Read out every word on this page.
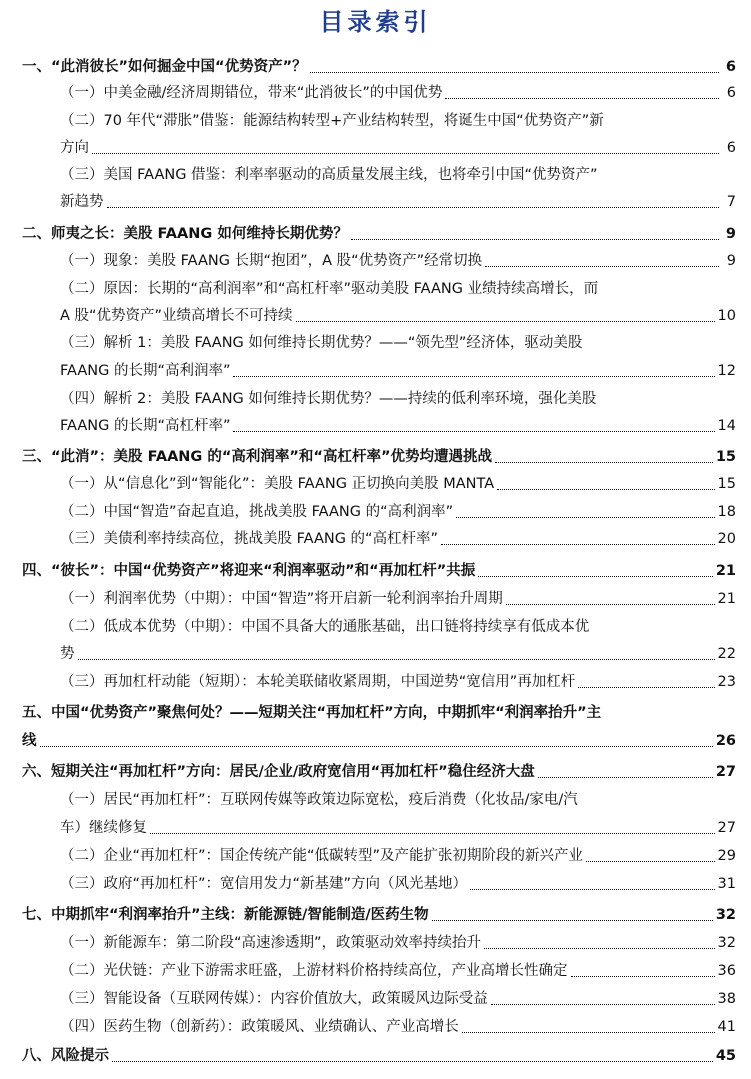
目录索引
一、“此消彼长”如何掘金中国“优势资产”？	6
（一）中美金融/经济周期错位，带来“此消彼长”的中国优势	6
（二）70 年代“滞胀”借鉴：能源结构转型+产业结构转型，将诞生中国“优势资产”新
方向	6
（三）美国 FAANG 借鉴：利率率驱动的高质量发展主线，也将牵引中国“优势资产”
新趋势	7
二、师夷之长：美股 FAANG 如何维持长期优势？	9
（一）现象：美股 FAANG 长期“抱团”，A 股“优势资产”经常切换	9
（二）原因：长期的“高利润率”和“高杠杆率”驱动美股 FAANG 业绩持续高增长，而
A 股“优势资产”业绩高增长不可持续	10
（三）解析 1：美股 FAANG 如何维持长期优势？——“领先型”经济体，驱动美股
FAANG 的长期“高利润率”	12
（四）解析 2：美股 FAANG 如何维持长期优势？——持续的低利率环境，强化美股
FAANG 的长期“高杠杆率”	14
三、“此消”：美股 FAANG 的“高利润率”和“高杠杆率”优势均遭遇挑战	15
（一）从“信息化”到“智能化”：美股 FAANG 正切换向美股 MANTA	15
（二）中国“智造”奋起直追，挑战美股 FAANG 的“高利润率”	18
（三）美债利率持续高位，挑战美股 FAANG 的“高杠杆率”	20
四、“彼长”：中国“优势资产”将迎来“利润率驱动”和“再加杠杆”共振	21
（一）利润率优势（中期）：中国“智造”将开启新一轮利润率抬升周期	21
（二）低成本优势（中期）：中国不具备大的通胀基础，出口链将持续享有低成本优
势	22
（三）再加杠杆动能（短期）：本轮美联储收紧周期，中国逆势“宽信用”再加杠杆	23
五、中国“优势资产”聚焦何处？——短期关注“再加杠杆”方向，中期抓牢“利润率抬升”主
线	26
六、短期关注“再加杠杆”方向：居民/企业/政府宽信用“再加杠杆”稳住经济大盘	27
（一）居民“再加杠杆”：互联网传媒等政策边际宽松，疫后消费（化妆品/家电/汽
车）继续修复	27
（二）企业“再加杠杆”：国企传统产能“低碳转型”及产能扩张初期阶段的新兴产业	29
（三）政府“再加杠杆”：宽信用发力“新基建”方向（风光基地）	31
七、中期抓牢“利润率抬升”主线：新能源链/智能制造/医药生物	32
（一）新能源车：第二阶段“高速渗透期”，政策驱动效率持续抬升	32
（二）光伏链：产业下游需求旺盛，上游材料价格持续高位，产业高增长性确定	36
（三）智能设备（互联网传媒）：内容价值放大，政策暖风边际受益	38
（四）医药生物（创新药）：政策暖风、业绩确认、产业高增长	41
八、风险提示	45
